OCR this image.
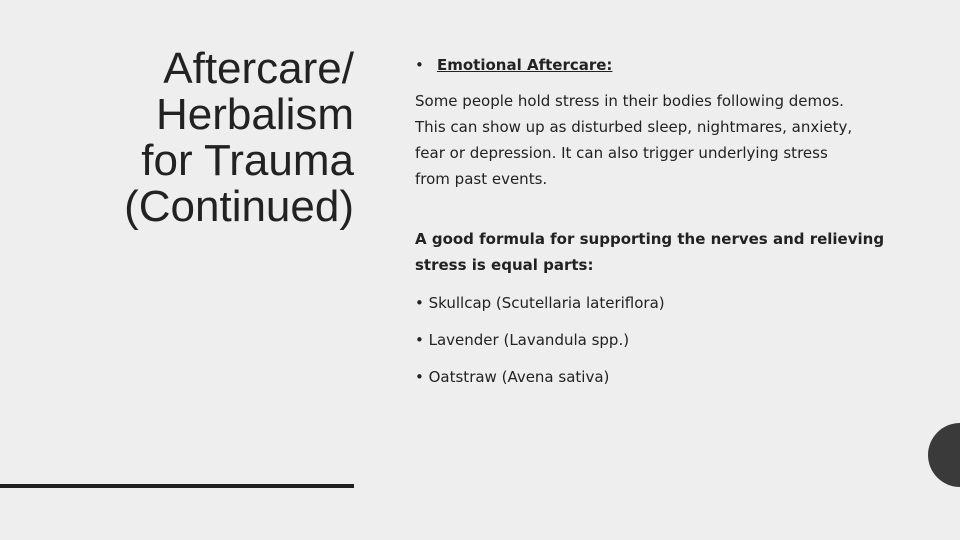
Aftercare/
Herbalism
for Trauma
(Continued)
• Emotional Aftercare:
Some people hold stress in their bodies following demos.
This can show up as disturbed sleep, nightmares, anxiety,
fear or depression. It can also trigger underlying stress
from past events.
A good formula for supporting the nerves and relieving
stress is equal parts:
• Skullcap (Scutellaria lateriflora)
• Lavender (Lavandula spp.)
• Oatstraw (Avena sativa)
